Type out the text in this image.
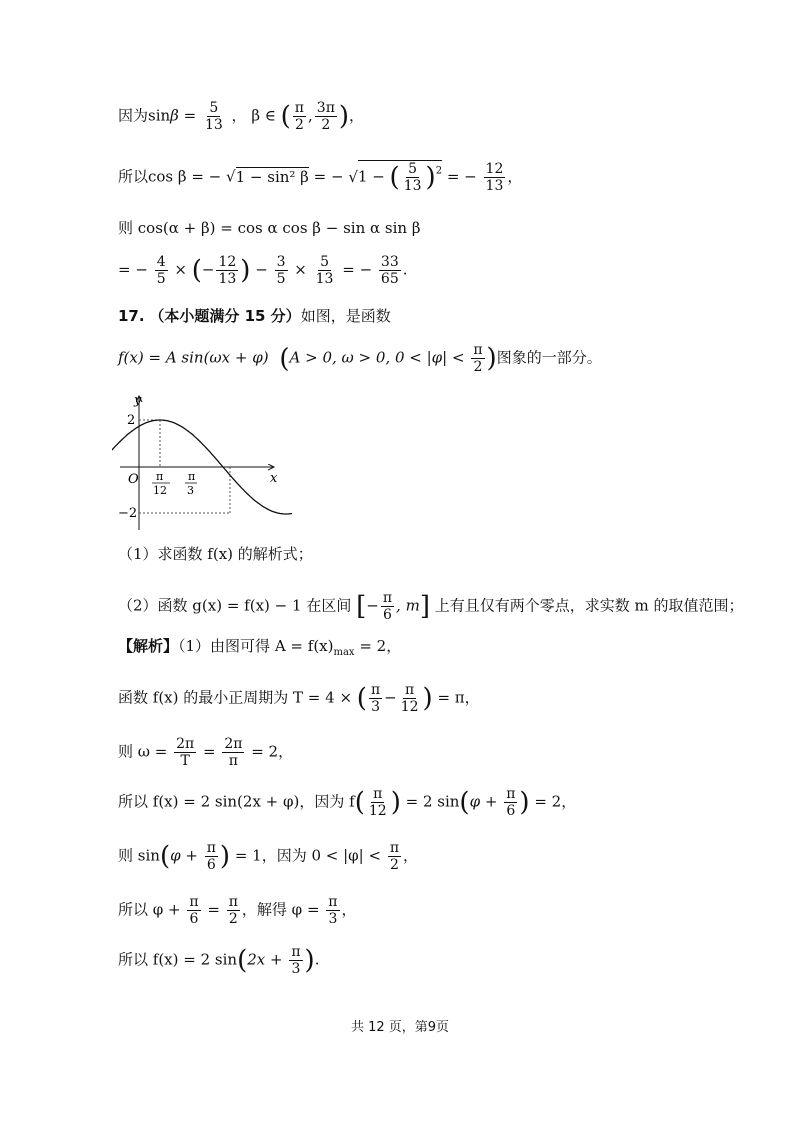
因为$\sin\beta = \frac{5}{13}$ ， β ∈ ( $\frac{\pi}{2}$ , $\frac{3\pi}{2}$ )，
所以cos β = − √1 − sin² β = − √1 − ( $\frac{5}{13} )^2$ = − $\frac{12}{13}$ ，
则 cos(α + β) = cos α cos β − sin α sin β
= − $\frac{4}{5}$ × (− $\frac{12}{13}$ ) − $\frac{3}{5} \times \frac{5}{13}$ = − $\frac{33}{65}$ .
17. （本小题满分 15 分）如图，是函数
f(x) = A sin(ωx + φ) (A > 0, ω > 0, $0 < |\varphi| < \frac{\pi}{2}$ )图象的一部分。
y
x
O
2
−2
π
12
π
3
（1）求函数 f(x) 的解析式；
（2）函数 g(x) = f(x) − 1 在区间 [− $\frac{\pi}{6}$ , m] 上有且仅有两个零点，求实数 m 的取值范围；
【解析】（1）由图可得 $A = f(x)_{max} = 2$，
函数 f(x) 的最小正周期为 T = 4 × ( $\frac{\pi}{3} - \frac{\pi}{12}$ ) = π，
则 $\omega = \frac{2\pi}{T} = \frac{2\pi}{\pi} = 2$，
所以 f(x) = 2 sin(2x + φ)，因为 $f( \frac{\pi}{12}$ ) = 2 $\sin(\varphi + \frac{\pi}{6}$ ) = 2，
则 $\sin(\varphi + \frac{\pi}{6}$ ) = 1，因为 $0 < |\varphi| < \frac{\pi}{2}$ ，
所以 $\varphi + \frac{\pi}{6} = \frac{\pi}{2}$ ，解得 $\varphi = \frac{\pi}{3}$ ，
所以 f(x) = 2 $\sin(2x + \frac{\pi}{3}$ ).
共 12 页，第9页
